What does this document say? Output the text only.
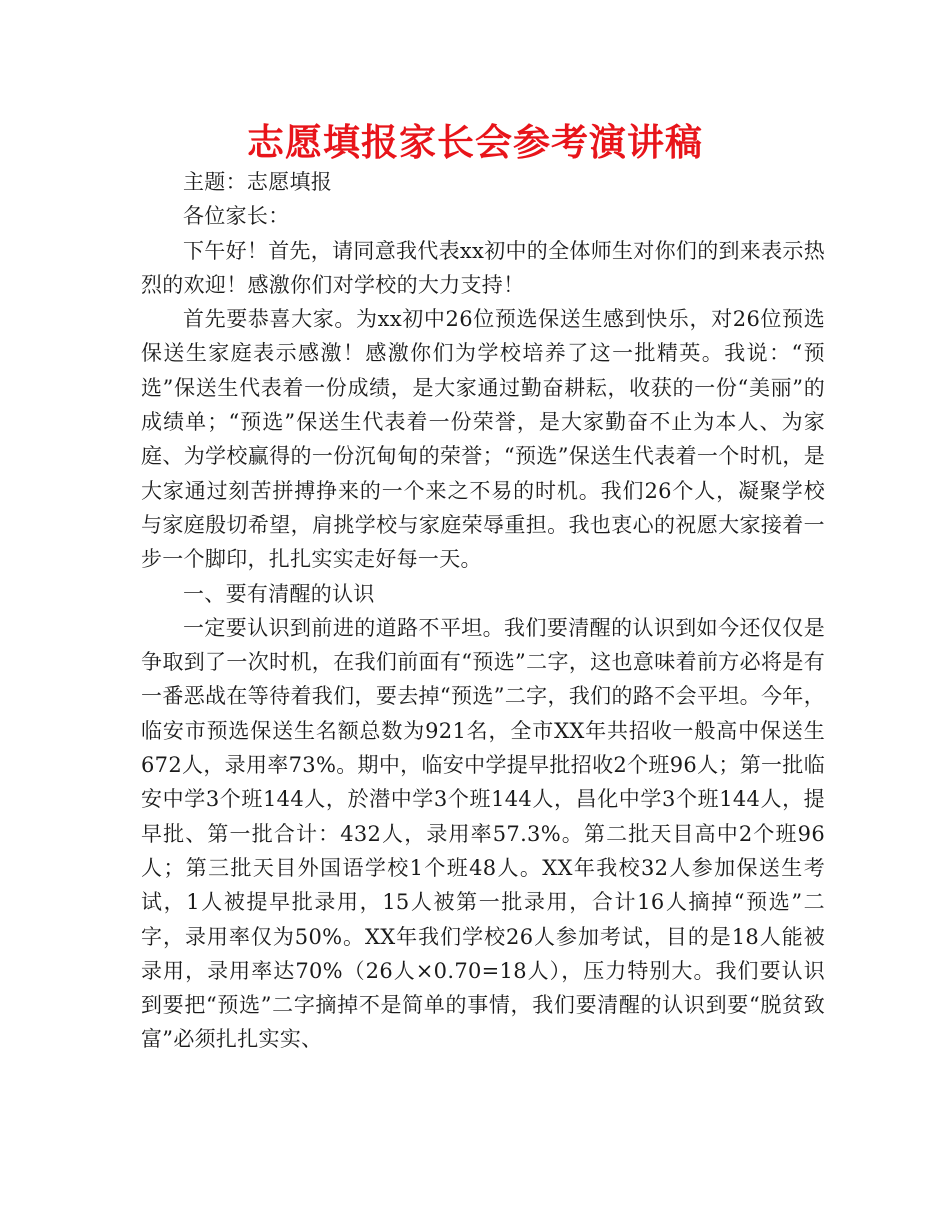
志愿填报家长会参考演讲稿

主题：志愿填报

各位家长：

下午好！首先，请同意我代表xx初中的全体师生对你们的到来表示热烈的欢迎！感激你们对学校的大力支持！

首先要恭喜大家。为xx初中26位预选保送生感到快乐，对26位预选保送生家庭表示感激！感激你们为学校培养了这一批精英。我说：“预选”保送生代表着一份成绩，是大家通过勤奋耕耘，收获的一份“美丽”的成绩单；“预选”保送生代表着一份荣誉，是大家勤奋不止为本人、为家庭、为学校赢得的一份沉甸甸的荣誉；“预选”保送生代表着一个时机，是大家通过刻苦拼搏挣来的一个来之不易的时机。我们26个人，凝聚学校与家庭殷切希望，肩挑学校与家庭荣辱重担。我也衷心的祝愿大家接着一步一个脚印，扎扎实实走好每一天。

一、要有清醒的认识

一定要认识到前进的道路不平坦。我们要清醒的认识到如今还仅仅是争取到了一次时机，在我们前面有“预选”二字，这也意味着前方必将是有一番恶战在等待着我们，要去掉“预选”二字，我们的路不会平坦。今年，临安市预选保送生名额总数为921名，全市XX年共招收一般高中保送生672人，录用率73%。期中，临安中学提早批招收2个班96人；第一批临安中学3个班144人，於潜中学3个班144人，昌化中学3个班144人，提早批、第一批合计：432人，录用率57.3%。第二批天目高中2个班96人；第三批天目外国语学校1个班48人。XX年我校32人参加保送生考试，1人被提早批录用，15人被第一批录用，合计16人摘掉“预选”二字，录用率仅为50%。XX年我们学校26人参加考试，目的是18人能被录用，录用率达70%（26人×0.70=18人），压力特别大。我们要认识到要把“预选”二字摘掉不是简单的事情，我们要清醒的认识到要“脱贫致富”必须扎扎实实、
